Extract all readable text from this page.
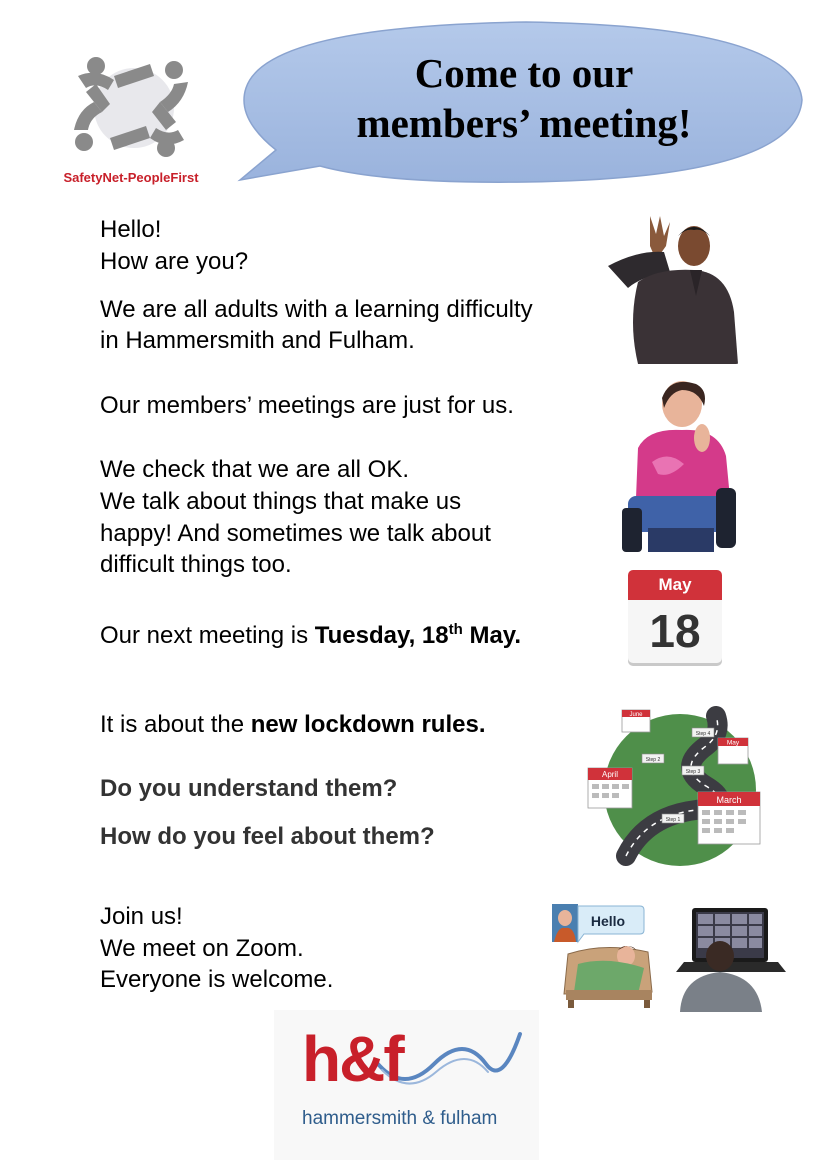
SafetyNet-PeopleFirst
Come to our
members’ meeting!
Hello!
How are you?
We are all adults with a learning difficulty
in Hammersmith and Fulham.
Our members’ meetings are just for us.
We check that we are all OK.
We talk about things that make us
happy! And sometimes we talk about
difficult things too.
Our next meeting is Tuesday, 18th May.
It is about the new lockdown rules.
Do you understand them?
How do you feel about them?
Join us!
We meet on Zoom.
Everyone is welcome.
May
18
June
May
April
March
Step 4
Step 3
Step 2
Step 1
Hello
h&f
hammersmith & fulham
